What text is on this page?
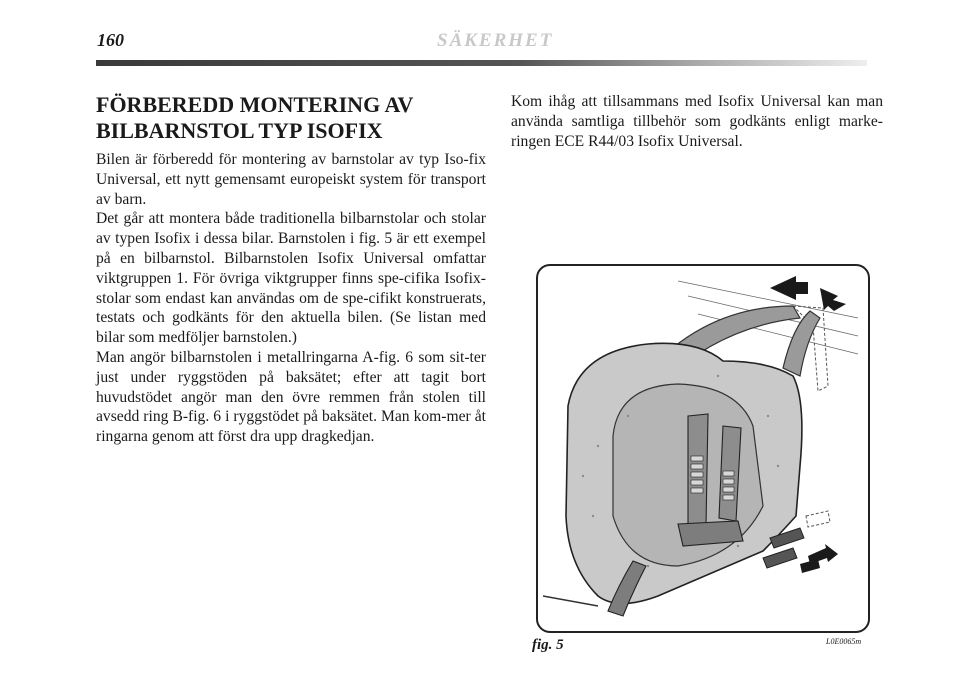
160	SÄKERHET
FÖRBEREDD MONTERING AV
BILBARNSTOL TYP ISOFIX

Bilen är förberedd för montering av barnstolar av typ Iso-fix Universal, ett nytt gemensamt europeiskt system för transport av barn.

Det går att montera både traditionella bilbarnstolar och stolar av typen Isofix i dessa bilar. Barnstolen i fig. 5 är ett exempel på en bilbarnstol. Bilbarnstolen Isofix Universal omfattar viktgruppen 1. För övriga viktgrupper finns spe-cifika Isofix-stolar som endast kan användas om de spe-cifikt konstruerats, testats och godkänts för den aktuella bilen. (Se listan med bilar som medföljer barnstolen.)

Man angör bilbarnstolen i metallringarna A-fig. 6 som sit-ter just under ryggstöden på baksätet; efter att tagit bort huvudstödet angör man den övre remmen från stolen till avsedd ring B-fig. 6 i ryggstödet på baksätet. Man kom-mer åt ringarna genom att först dra upp dragkedjan.

Kom ihåg att tillsammans med Isofix Universal kan man använda samtliga tillbehör som godkänts enligt marke-ringen ECE R44/03 Isofix Universal.

fig. 5	L0E0065m
